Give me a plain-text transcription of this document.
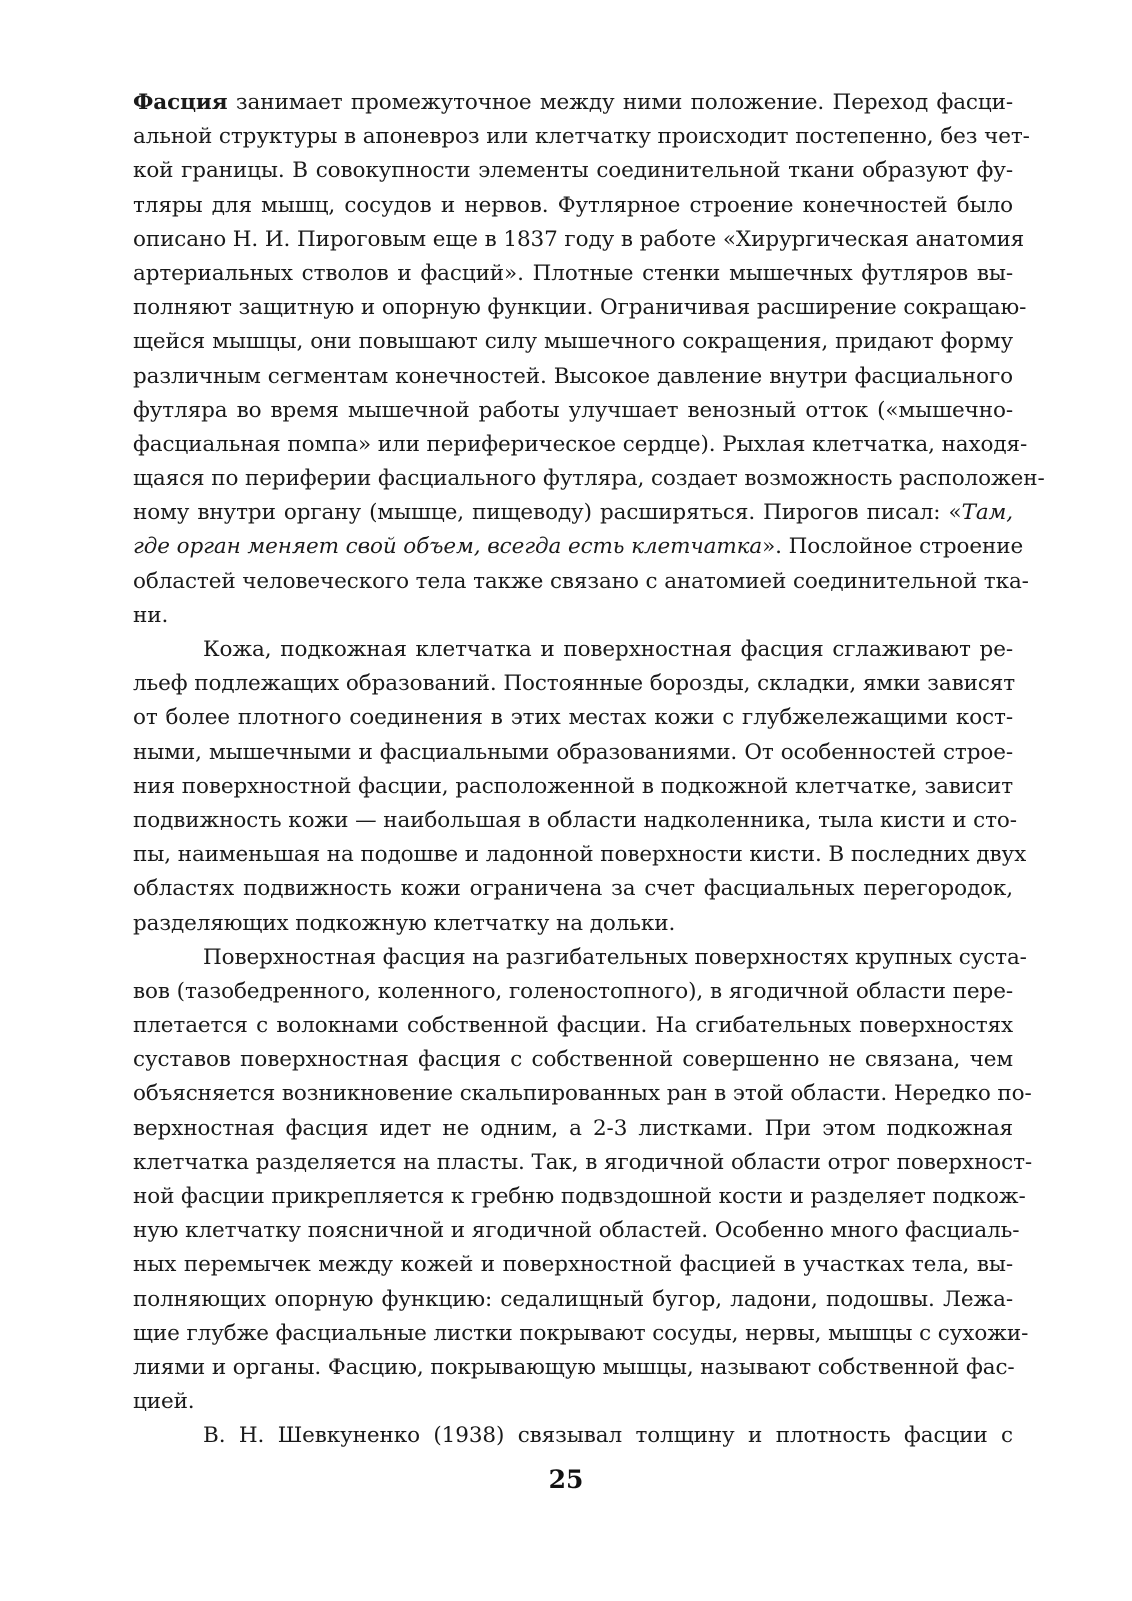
Фасция занимает промежуточное между ними положение. Переход фасци-
альной структуры в апоневроз или клетчатку происходит постепенно, без чет-
кой границы. В совокупности элементы соединительной ткани образуют фу-
тляры для мышц, сосудов и нервов. Футлярное строение конечностей было
описано Н. И. Пироговым еще в 1837 году в работе «Хирургическая анатомия
артериальных стволов и фасций». Плотные стенки мышечных футляров вы-
полняют защитную и опорную функции. Ограничивая расширение сокращаю-
щейся мышцы, они повышают силу мышечного сокращения, придают форму
различным сегментам конечностей. Высокое давление внутри фасциального
футляра во время мышечной работы улучшает венозный отток («мышечно-
фасциальная помпа» или периферическое сердце). Рыхлая клетчатка, находя-
щаяся по периферии фасциального футляра, создает возможность расположен-
ному внутри органу (мышце, пищеводу) расширяться. Пирогов писал: «Там,
где орган меняет свой объем, всегда есть клетчатка». Послойное строение
областей человеческого тела также связано с анатомией соединительной тка-
ни.
Кожа, подкожная клетчатка и поверхностная фасция сглаживают ре-
льеф подлежащих образований. Постоянные борозды, складки, ямки зависят
от более плотного соединения в этих местах кожи с глубжележащими кост-
ными, мышечными и фасциальными образованиями. От особенностей строе-
ния поверхностной фасции, расположенной в подкожной клетчатке, зависит
подвижность кожи — наибольшая в области надколенника, тыла кисти и сто-
пы, наименьшая на подошве и ладонной поверхности кисти. В последних двух
областях подвижность кожи ограничена за счет фасциальных перегородок,
разделяющих подкожную клетчатку на дольки.
Поверхностная фасция на разгибательных поверхностях крупных суста-
вов (тазобедренного, коленного, голеностопного), в ягодичной области пере-
плетается с волокнами собственной фасции. На сгибательных поверхностях
суставов поверхностная фасция с собственной совершенно не связана, чем
объясняется возникновение скальпированных ран в этой области. Нередко по-
верхностная фасция идет не одним, а 2-3 листками. При этом подкожная
клетчатка разделяется на пласты. Так, в ягодичной области отрог поверхност-
ной фасции прикрепляется к гребню подвздошной кости и разделяет подкож-
ную клетчатку поясничной и ягодичной областей. Особенно много фасциаль-
ных перемычек между кожей и поверхностной фасцией в участках тела, вы-
полняющих опорную функцию: седалищный бугор, ладони, подошвы. Лежа-
щие глубже фасциальные листки покрывают сосуды, нервы, мышцы с сухожи-
лиями и органы. Фасцию, покрывающую мышцы, называют собственной фас-
цией.
В. Н. Шевкуненко (1938) связывал толщину и плотность фасции с
25
